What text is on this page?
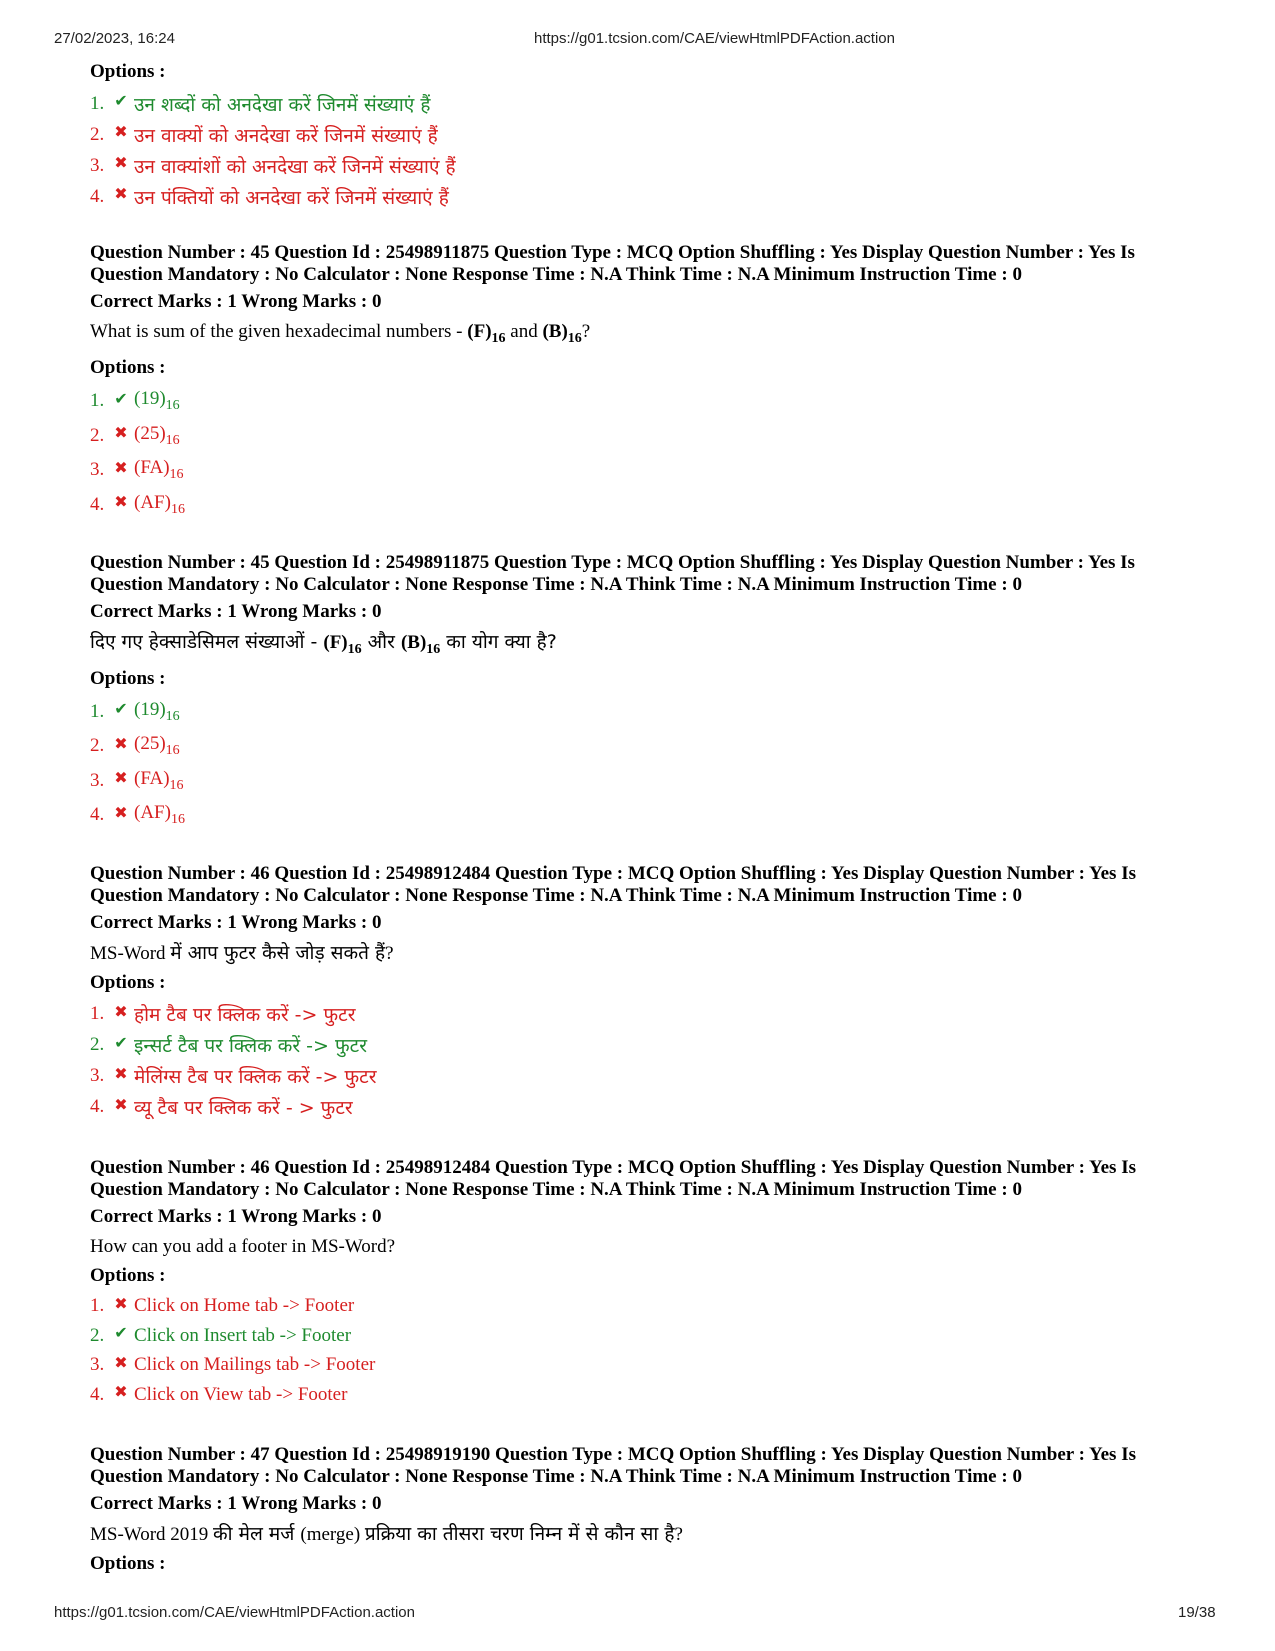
27/02/2023, 16:24	https://g01.tcsion.com/CAE/viewHtmlPDFAction.action
Options :
1. ✔ उन शब्दों को अनदेखा करें जिनमें संख्याएं हैं
2. ✖ उन वाक्यों को अनदेखा करें जिनमें संख्याएं हैं
3. ✖ उन वाक्यांशों को अनदेखा करें जिनमें संख्याएं हैं
4. ✖ उन पंक्तियों को अनदेखा करें जिनमें संख्याएं हैं
Question Number : 45 Question Id : 25498911875 Question Type : MCQ Option Shuffling : Yes Display Question Number : Yes Is
Question Mandatory : No Calculator : None Response Time : N.A Think Time : N.A Minimum Instruction Time : 0
Correct Marks : 1 Wrong Marks : 0
What is sum of the given hexadecimal numbers - $(F)_{16}$ and $(B)_{16}$?
Options :
1. ✔ $(19)_{16}$
2. ✖ $(25)_{16}$
3. ✖ $(FA)_{16}$
4. ✖ $(AF)_{16}$
Question Number : 45 Question Id : 25498911875 Question Type : MCQ Option Shuffling : Yes Display Question Number : Yes Is
Question Mandatory : No Calculator : None Response Time : N.A Think Time : N.A Minimum Instruction Time : 0
Correct Marks : 1 Wrong Marks : 0
दिए गए हेक्साडेसिमल संख्याओं - $(F)_{16}$ और $(B)_{16}$ का योग क्या है?
Options :
1. ✔ $(19)_{16}$
2. ✖ $(25)_{16}$
3. ✖ $(FA)_{16}$
4. ✖ $(AF)_{16}$
Question Number : 46 Question Id : 25498912484 Question Type : MCQ Option Shuffling : Yes Display Question Number : Yes Is
Question Mandatory : No Calculator : None Response Time : N.A Think Time : N.A Minimum Instruction Time : 0
Correct Marks : 1 Wrong Marks : 0
MS-Word में आप फुटर कैसे जोड़ सकते हैं?
Options :
1. ✖ होम टैब पर क्लिक करें -> फुटर
2. ✔ इन्सर्ट टैब पर क्लिक करें -> फुटर
3. ✖ मेलिंग्स टैब पर क्लिक करें -> फुटर
4. ✖ व्यू टैब पर क्लिक करें - > फुटर
Question Number : 46 Question Id : 25498912484 Question Type : MCQ Option Shuffling : Yes Display Question Number : Yes Is
Question Mandatory : No Calculator : None Response Time : N.A Think Time : N.A Minimum Instruction Time : 0
Correct Marks : 1 Wrong Marks : 0
How can you add a footer in MS-Word?
Options :
1. ✖ Click on Home tab -> Footer
2. ✔ Click on Insert tab -> Footer
3. ✖ Click on Mailings tab -> Footer
4. ✖ Click on View tab -> Footer
Question Number : 47 Question Id : 25498919190 Question Type : MCQ Option Shuffling : Yes Display Question Number : Yes Is
Question Mandatory : No Calculator : None Response Time : N.A Think Time : N.A Minimum Instruction Time : 0
Correct Marks : 1 Wrong Marks : 0
MS-Word 2019 की मेल मर्ज (merge) प्रक्रिया का तीसरा चरण निम्न में से कौन सा है?
Options :
https://g01.tcsion.com/CAE/viewHtmlPDFAction.action	19/38
